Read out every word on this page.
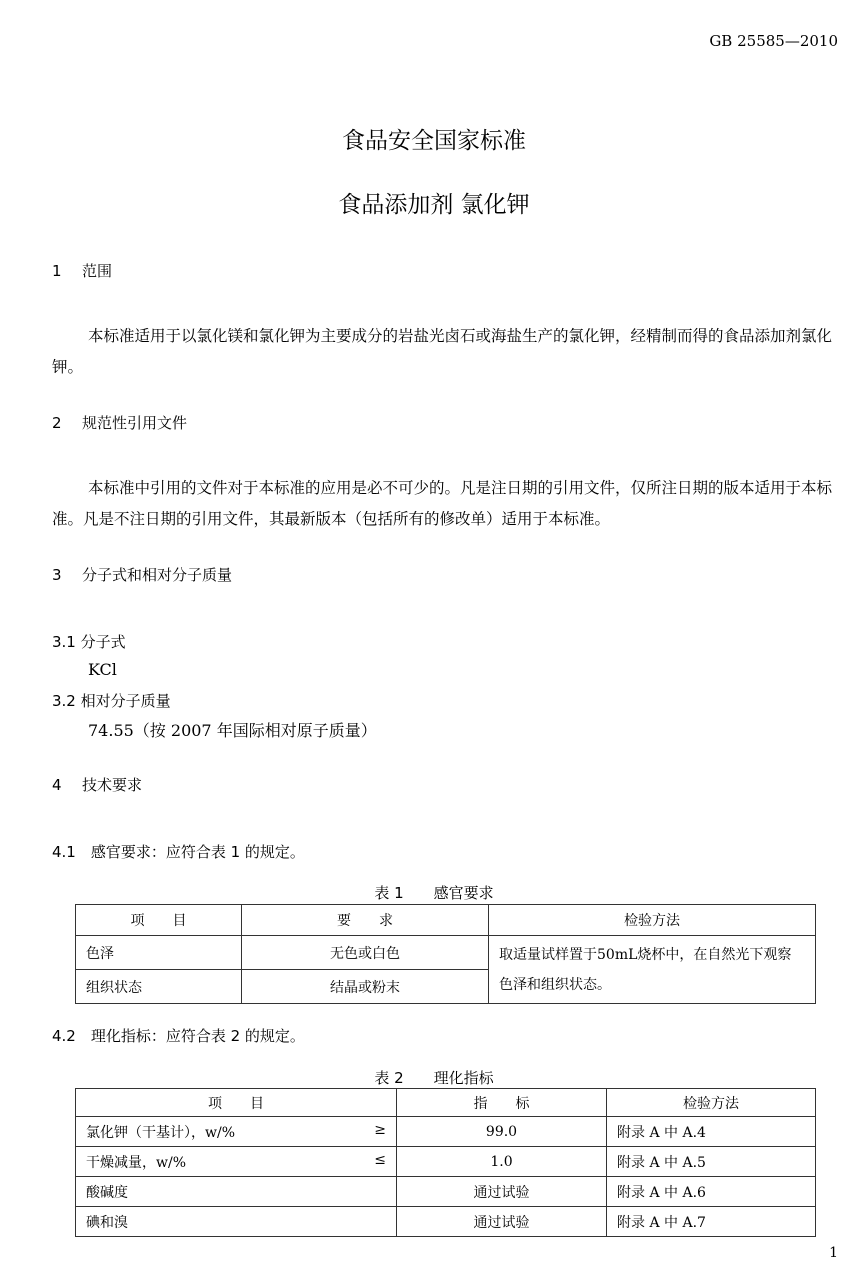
GB 25585—2010
食品安全国家标准
食品添加剂 氯化钾
1 范围
本标准适用于以氯化镁和氯化钾为主要成分的岩盐光卤石或海盐生产的氯化钾，经精制而得的食品添加剂氯化钾。
2 规范性引用文件
本标准中引用的文件对于本标准的应用是必不可少的。凡是注日期的引用文件，仅所注日期的版本适用于本标准。凡是不注日期的引用文件，其最新版本（包括所有的修改单）适用于本标准。
3 分子式和相对分子质量
3.1 分子式
KCl
3.2 相对分子质量
74.55（按 2007 年国际相对原子质量）
4 技术要求
4.1　感官要求：应符合表 1 的规定。
表 1 感官要求
项　　目	要　　求	检验方法
色泽	无色或白色	取适量试样置于50mL烧杯中，在自然光下观察色泽和组织状态。
组织状态	结晶或粉末	
4.2　理化指标：应符合表 2 的规定。
表 2 理化指标
项　　目	指　　标	检验方法
氯化钾（干基计），w/% ≥	99.0	附录 A 中 A.4
干燥减量，w/% ≤	1.0	附录 A 中 A.5
酸碱度	通过试验	附录 A 中 A.6
碘和溴	通过试验	附录 A 中 A.7
1
